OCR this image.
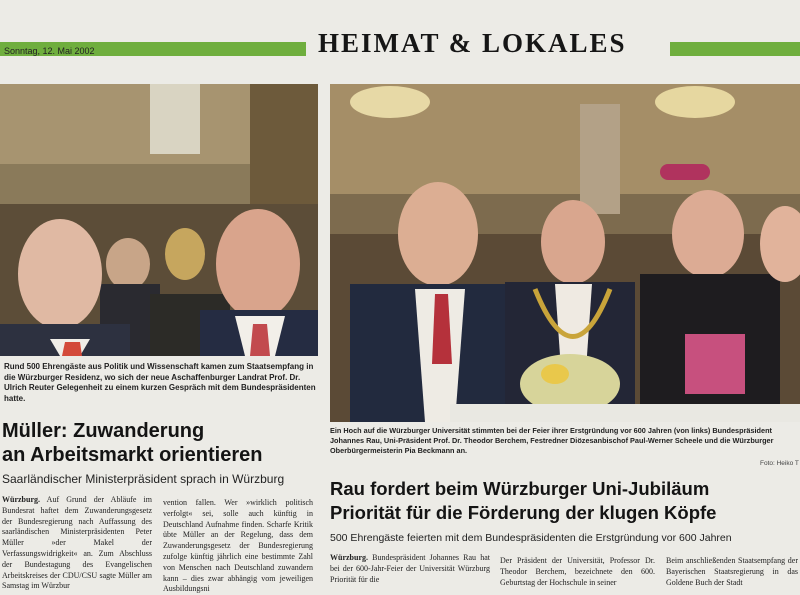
Sonntag, 12. Mai 2002	HEIMAT & LOKALES
Rund 500 Ehrengäste aus Politik und Wissenschaft kamen zum Staatsempfang in die Würzburger Residenz, wo sich der neue Aschaffenburger Landrat Prof. Dr. Ulrich Reuter Gelegenheit zu einem kurzen Gespräch mit dem Bundespräsidenten hatte.
Ein Hoch auf die Würzburger Universität stimmten bei der Feier ihrer Erstgründung vor 600 Jahren (von links) Bundespräsident Johannes Rau, Uni-Präsident Prof. Dr. Theodor Berchem, Festredner Diözesanbischof Paul-Werner Scheele und die Würzburger Oberbürgermeisterin Pia Beckmann an.
Foto: Heiko T
Müller: Zuwanderung
an Arbeitsmarkt orientieren
Saarländischer Ministerpräsident sprach in Würzburg
Würzburg. Auf Grund der Abläufe im Bundesrat haftet dem Zuwanderungsgesetz der Bundesregierung nach Auffassung des saarländischen Ministerpräsidenten Peter Müller »der Makel der Verfassungswidrigkeit« an. Zum Abschluss der Bundestagung des Evangelischen Arbeitskreises der CDU/CSU sagte Müller am Samstag im Würzbur
vention fallen. Wer »wirklich politisch verfolgt« sei, solle auch künftig in Deutschland Aufnahme finden. Scharfe Kritik übte Müller an der Regelung, dass dem Zuwanderungsgesetz der Bundesregierung zufolge künftig jährlich eine bestimmte Zahl von Menschen nach Deutschland zuwandern kann – dies zwar abhängig vom jeweiligen Ausbildungsni
Rau fordert beim Würzburger Uni-Jubiläum
Priorität für die Förderung der klugen Köpfe
500 Ehrengäste feierten mit dem Bundespräsidenten die Erstgründung vor 600 Jahren
Würzburg. Bundespräsident Johannes Rau hat bei der 600-Jahr-Feier der Universität Würzburg Priorität für die
Der Präsident der Universität, Professor Dr. Theodor Berchem, bezeichnete den 600. Geburtstag der Hochschule in seiner
Beim anschließenden Staatsempfang der Bayerischen Staatsregierung in das Goldene Buch der Stadt
